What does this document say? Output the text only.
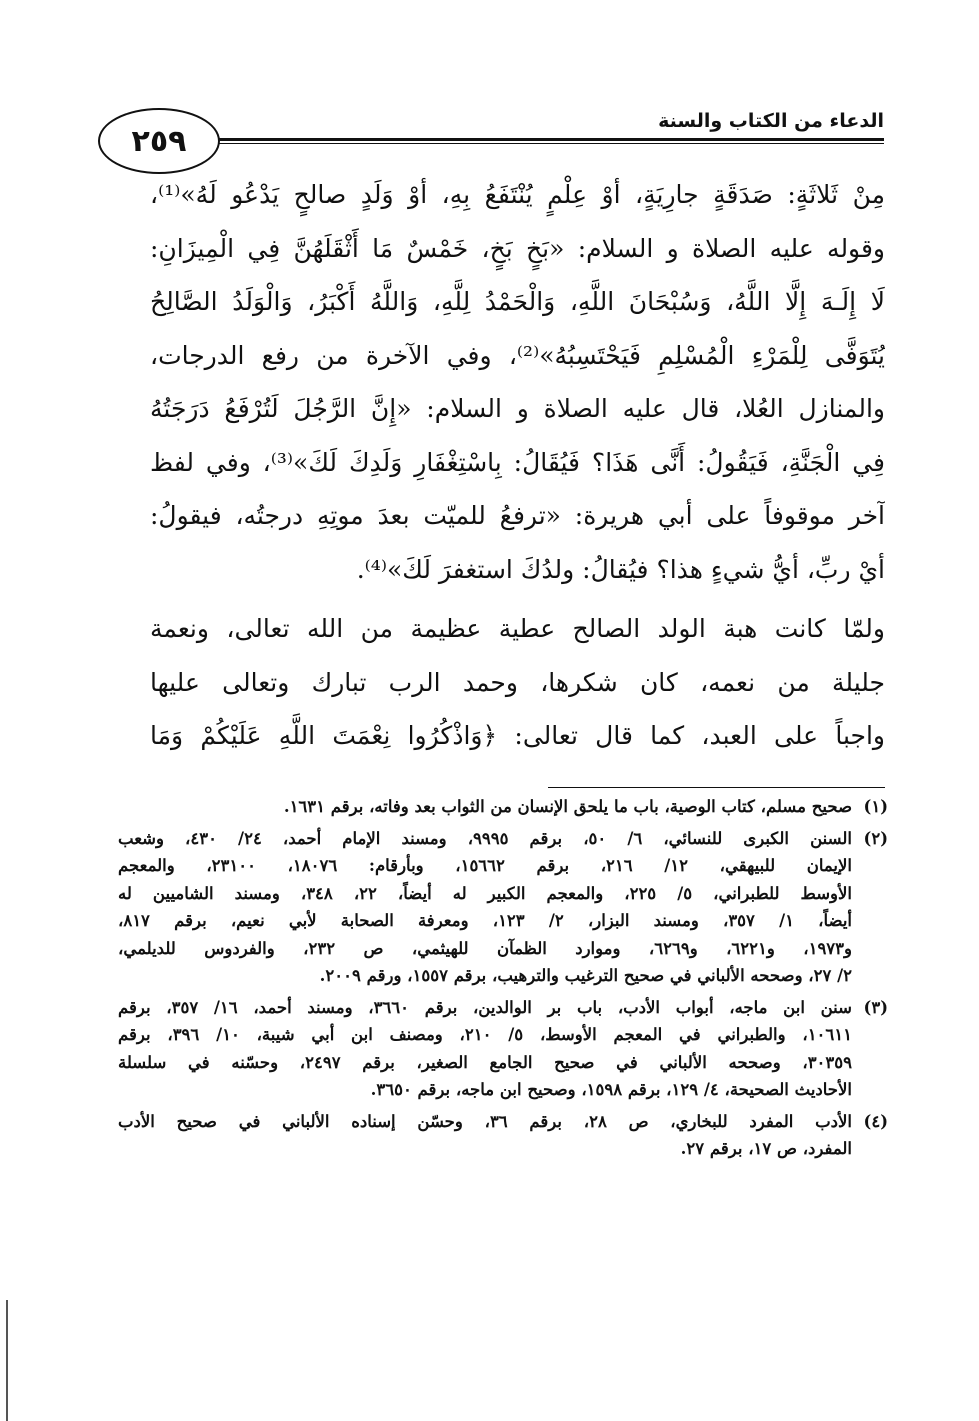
الدعاء من الكتاب والسنة
٢٥٩
مِنْ ثَلاثَةٍ: صَدَقَةٍ جارِيَةٍ، أوْ عِلْمٍ يُنْتَفَعُ بِهِ، أوْ وَلَدٍ صالحٍ يَدْعُو لَهُ»⁽¹⁾،
وقوله عليه الصلاة و السلام: «بَخٍ بَخٍ، خَمْسٌ مَا أَثْقَلَهُنَّ فِي الْمِيزَانِ:
لَا إِلَـهَ إِلَّا اللَّهُ، وَسُبْحَانَ اللَّهِ، وَالْحَمْدُ لِلَّهِ، وَاللَّهُ أَكْبَرُ، وَالْوَلَدُ الصَّالِحُ
يُتَوَفَّى لِلْمَرْءِ الْمُسْلِمِ فَيَحْتَسِبُهُ»⁽²⁾، وفي الآخرة من رفع الدرجات،
والمنازل العُلا، قال عليه الصلاة و السلام: «إِنَّ الرَّجُلَ لَتُرْفَعُ دَرَجَتُهُ
فِي الْجَنَّةِ، فَيَقُولُ: أَنَّى هَذَا؟ فَيُقَالُ: بِاسْتِغْفَارِ وَلَدِكَ لَكَ»⁽³⁾، وفي لفظ
آخر موقوفاً على أبي هريرة: «ترفعُ للميّت بعدَ موتِهِ درجتُه، فيقولُ:
أيْ ربِّ، أيُّ شيءٍ هذا؟ فيُقالُ: ولدُكَ استغفرَ لَكَ»⁽⁴⁾.
ولمّا كانت هبة الولد الصالح عطية عظيمة من الله تعالى، ونعمة
جليلة من نعمه، كان شكرها، وحمد الرب تبارك وتعالى عليها
واجباً على العبد، كما قال تعالى: ﴿وَاذْكُرُوا نِعْمَتَ اللَّهِ عَلَيْكُمْ وَمَا
(١)
صحيح مسلم، كتاب الوصية، باب ما يلحق الإنسان من الثواب بعد وفاته، برقم ١٦٣١.
(٢)
السنن الكبرى للنسائي، ٦/ ٥٠، برقم ٩٩٩٥، ومسند الإمام أحمد، ٢٤/ ٤٣٠، وشعب
الإيمان للبيهقي، ١٢/ ٢١٦، برقم ١٥٦٦٢، وبأرقام: ١٨٠٧٦، ٢٣١٠٠، والمعجم
الأوسط للطبراني، ٥/ ٢٢٥، والمعجم الكبير له أيضاً، ٢٢، ٣٤٨، ومسند الشاميين له
أيضاً، ١/ ٣٥٧، ومسند البزار، ٢/ ١٢٣، ومعرفة الصحابة لأبي نعيم، برقم ٨١٧،
و١٩٧٣، و٦٢٢١، و٦٢٦٩، وموارد الظمآن للهيثمي، ص ٢٣٢، والفردوس للديلمي،
٢/ ٢٧، وصححه الألباني في صحيح الترغيب والترهيب، برقم ١٥٥٧، ورقم ٢٠٠٩.
(٣)
سنن ابن ماجه، أبواب الأدب، باب بر الوالدين، برقم ٣٦٦٠، ومسند أحمد، ١٦/ ٣٥٧، برقم
١٠٦١١، والطبراني في المعجم الأوسط، ٥/ ٢١٠، ومصنف ابن أبي شيبة، ١٠/ ٣٩٦، برقم
٣٠٣٥٩، وصححه الألباني في صحيح الجامع الصغير، برقم ٢٤٩٧، وحسّنه في سلسلة
الأحاديث الصحيحة، ٤/ ١٢٩، برقم ١٥٩٨، وصحيح ابن ماجه، برقم ٣٦٥٠.
(٤)
الأدب المفرد للبخاري، ص ٢٨، برقم ٣٦، وحسّن إسناده الألباني في صحيح الأدب
المفرد، ص ١٧، برقم ٢٧.
